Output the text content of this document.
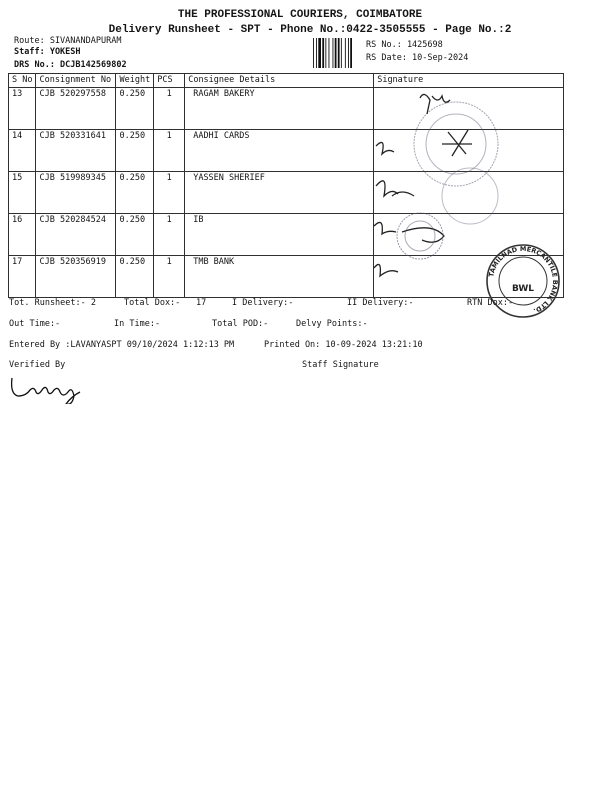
THE PROFESSIONAL COURIERS, COIMBATORE
Delivery Runsheet - SPT - Phone No.:0422-3505555 - Page No.:2
Route: SIVANANDAPURAM
Staff: YOKESH
DRS No.: DCJB142569802
RS No.: 1425698
RS Date: 10-Sep-2024
S No	Consignment No	Weight	PCS	Consignee Details	Signature
13	CJB 520297558	0.250	1	RAGAM BAKERY	

14	CJB 520331641	0.250	1	AADHI CARDS	

15	CJB 519989345	0.250	1	YASSEN SHERIEF	

16	CJB 520284524	0.250	1	IB	

17	CJB 520356919	0.250	1	TMB BANK	
TAMILNAD MERCANTILE BANK LTD.
BWL
Tot. Runsheet:- 2	Total Dox:- 17	I Delivery:-	II Delivery:-	RTN Dox:-
Out Time:-	In Time:-	Total POD:-	Delvy Points:-
Entered By :LAVANYASPT 09/10/2024 1:12:13 PM	Printed On: 10-09-2024 13:21:10
Verified By	Staff Signature
